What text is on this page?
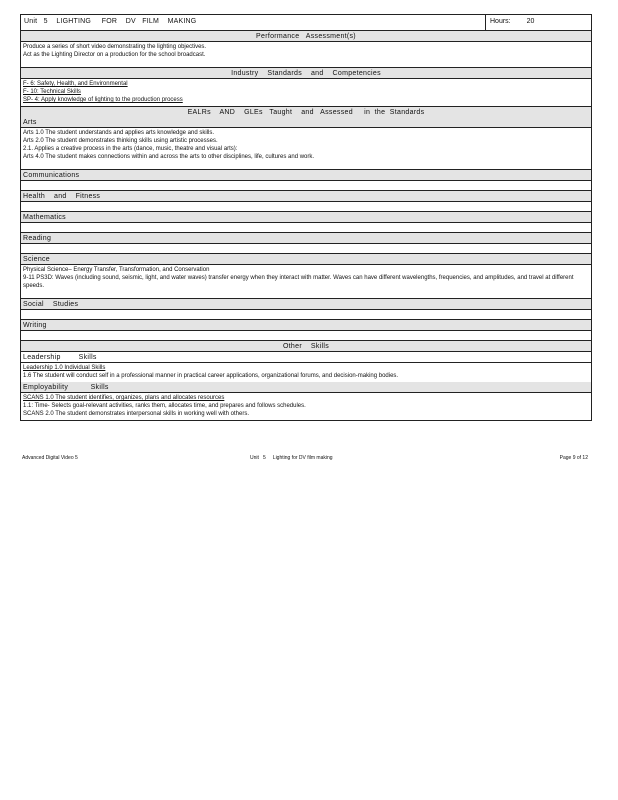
Unit   5    LIGHTING     FOR    DV   FILM    MAKING	Hours: 20
Performance   Assessment(s)
Produce a series of short video demonstrating the lighting objectives.
Act as the Lighting Director on a production for the school broadcast.
Industry    Standards    and    Competencies
F- 6: Safety, Health, and Environmental
F- 10: Technical Skills
SP- 4: Apply knowledge of lighting to the production process
EALRs    AND    GLEs   Taught    and   Assessed     in  the  Standards
Arts
Arts 1.0 The student understands and applies arts knowledge and skills.
Arts 2.0 The student demonstrates thinking skills using artistic processes.
2.1. Applies a creative process in the arts (dance, music, theatre and visual arts):
Arts 4.0 The student makes connections within and across the arts to other disciplines, life, cultures and work.
Communications
Health    and    Fitness
Mathematics
Reading
Science
Physical Science– Energy Transfer, Transformation, and Conservation
9-11 PS3D: Waves (including sound, seismic, light, and water waves) transfer energy when they interact with matter. Waves can have different wavelengths, frequencies, and amplitudes, and travel at different speeds.
Social    Studies
Writing
Other    Skills
Leadership        Skills
Leadership 1.0 Individual Skills
1.6 The student will conduct self in a professional manner in practical career applications, organizational forums, and decision-making bodies.
Employability          Skills
SCANS 1.0 The student identifies, organizes, plans and allocates resources
1.1: Time- Selects goal-relevant activities, ranks them, allocates time, and prepares and follows schedules.
SCANS 2.0 The student demonstrates interpersonal skills in working well with others.
Advanced Digital Video 5	Unit   5     Lighting for DV film making	Page 9 of 12
